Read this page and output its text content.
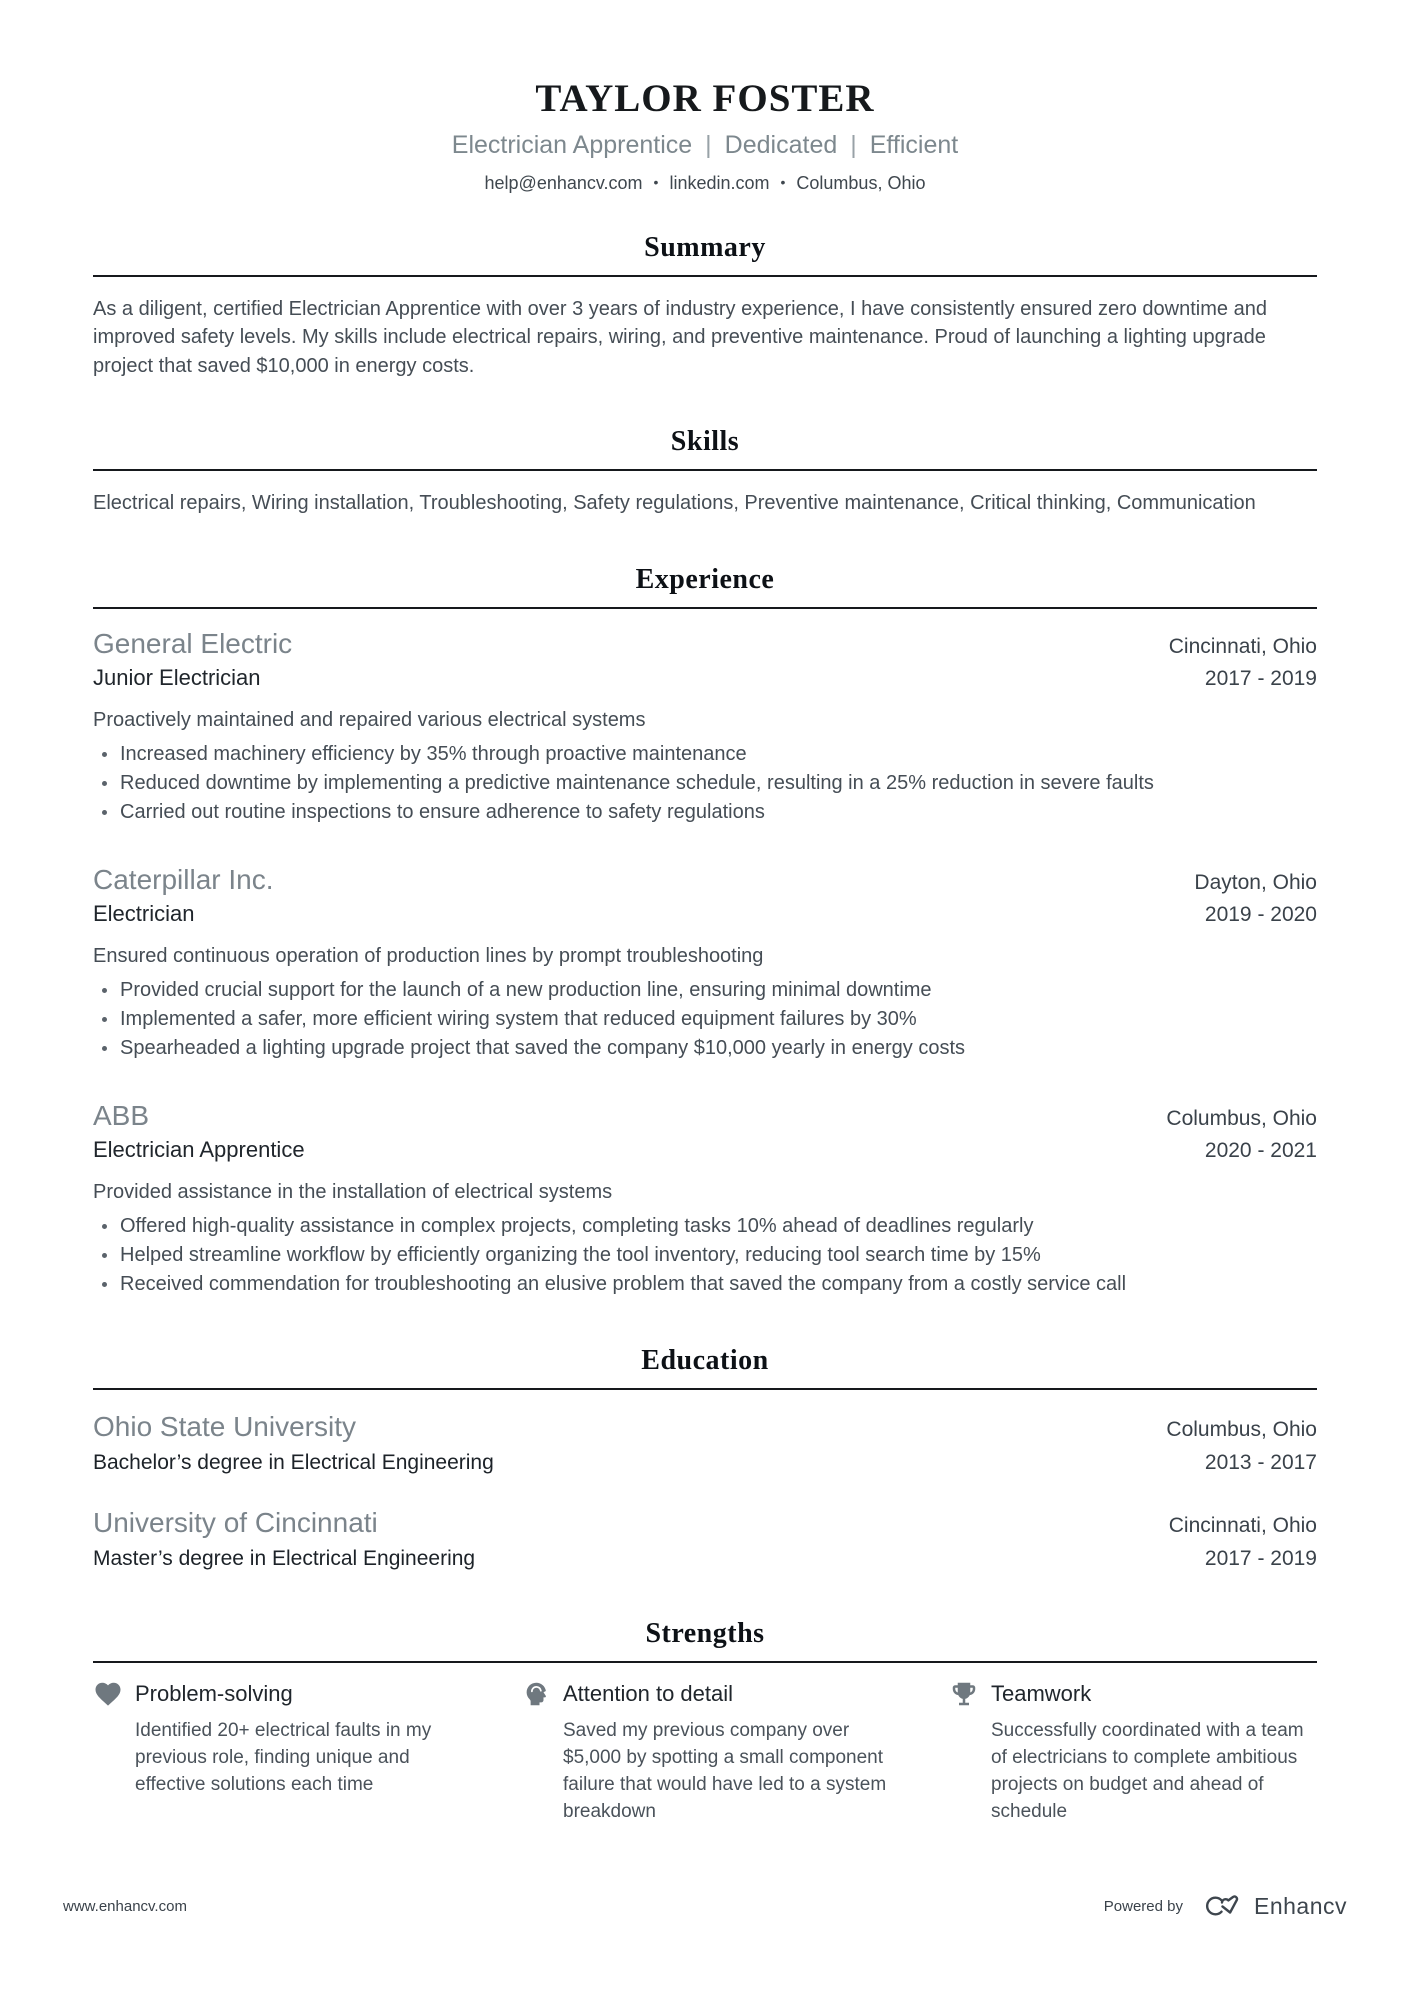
TAYLOR FOSTER
Electrician Apprentice | Dedicated | Efficient
help@enhancv.com • linkedin.com • Columbus, Ohio
Summary
As a diligent, certified Electrician Apprentice with over 3 years of industry experience, I have consistently ensured zero downtime and improved safety levels. My skills include electrical repairs, wiring, and preventive maintenance. Proud of launching a lighting upgrade project that saved $10,000 in energy costs.
Skills
Electrical repairs, Wiring installation, Troubleshooting, Safety regulations, Preventive maintenance, Critical thinking, Communication
Experience
General Electric	Cincinnati, Ohio
Junior Electrician	2017 - 2019
Proactively maintained and repaired various electrical systems
Increased machinery efficiency by 35% through proactive maintenance
Reduced downtime by implementing a predictive maintenance schedule, resulting in a 25% reduction in severe faults
Carried out routine inspections to ensure adherence to safety regulations
Caterpillar Inc.	Dayton, Ohio
Electrician	2019 - 2020
Ensured continuous operation of production lines by prompt troubleshooting
Provided crucial support for the launch of a new production line, ensuring minimal downtime
Implemented a safer, more efficient wiring system that reduced equipment failures by 30%
Spearheaded a lighting upgrade project that saved the company $10,000 yearly in energy costs
ABB	Columbus, Ohio
Electrician Apprentice	2020 - 2021
Provided assistance in the installation of electrical systems
Offered high-quality assistance in complex projects, completing tasks 10% ahead of deadlines regularly
Helped streamline workflow by efficiently organizing the tool inventory, reducing tool search time by 15%
Received commendation for troubleshooting an elusive problem that saved the company from a costly service call
Education
Ohio State University	Columbus, Ohio
Bachelor’s degree in Electrical Engineering	2013 - 2017
University of Cincinnati	Cincinnati, Ohio
Master’s degree in Electrical Engineering	2017 - 2019
Strengths
Problem-solving
Identified 20+ electrical faults in my previous role, finding unique and effective solutions each time
Attention to detail
Saved my previous company over $5,000 by spotting a small component failure that would have led to a system breakdown
Teamwork
Successfully coordinated with a team of electricians to complete ambitious projects on budget and ahead of schedule
www.enhancv.com	Powered by	Enhancv
